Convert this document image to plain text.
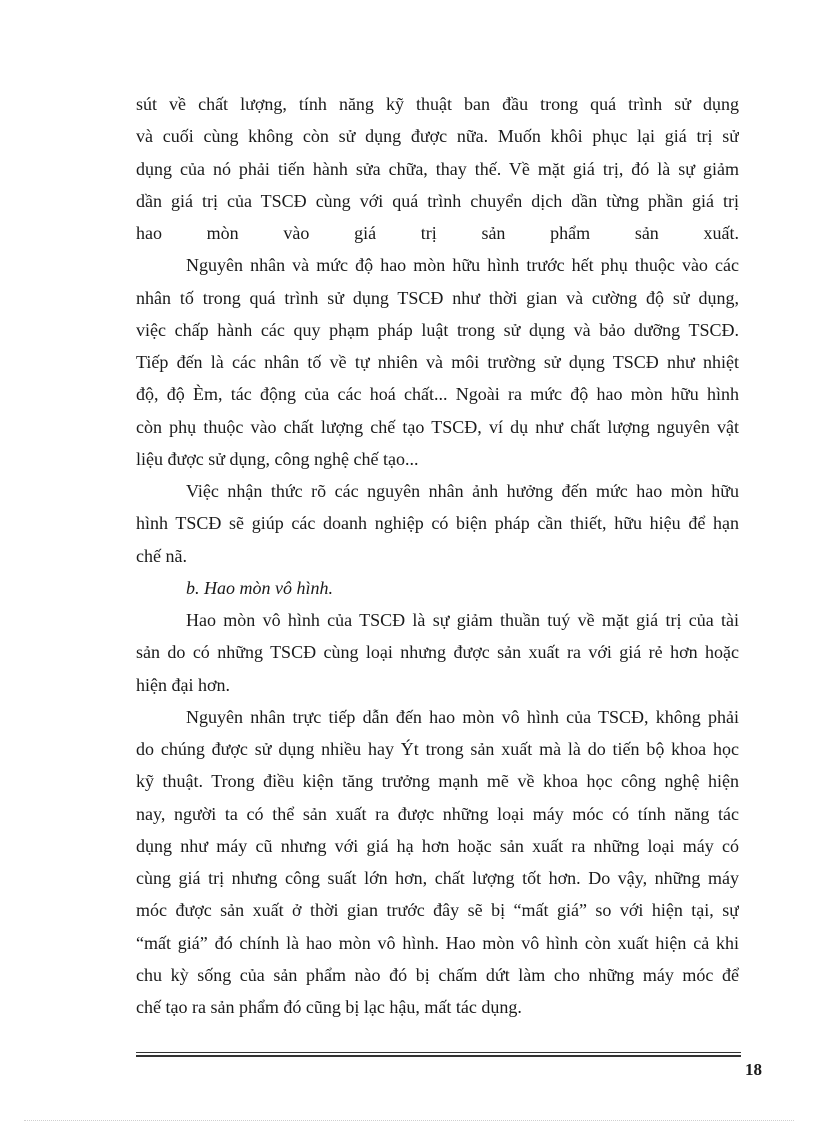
sút về chất lượng, tính năng kỹ thuật ban đầu trong quá trình sử dụng
và cuối cùng không còn sử dụng được nữa. Muốn khôi phục lại giá trị sử
dụng của nó phải tiến hành sửa chữa, thay thế. Về mặt giá trị, đó là sự giảm
dần giá trị của TSCĐ cùng với quá trình chuyển dịch dần từng phần giá trị
hao mòn vào giá trị sản phẩm sản xuất.
Nguyên nhân và mức độ hao mòn hữu hình trước hết phụ thuộc vào các
nhân tố trong quá trình sử dụng TSCĐ như thời gian và cường độ sử dụng,
việc chấp hành các quy phạm pháp luật trong sử dụng và bảo dưỡng TSCĐ.
Tiếp đến là các nhân tố về tự nhiên và môi trường sử dụng TSCĐ như nhiệt
độ, độ Èm, tác động của các hoá chất... Ngoài ra mức độ hao mòn hữu hình
còn phụ thuộc vào chất lượng chế tạo TSCĐ, ví dụ như chất lượng nguyên vật
liệu được sử dụng, công nghệ chế tạo...
Việc nhận thức rõ các nguyên nhân ảnh hưởng đến mức hao mòn hữu
hình TSCĐ sẽ giúp các doanh nghiệp có biện pháp cần thiết, hữu hiệu để hạn
chế nã.
b. Hao mòn vô hình.
Hao mòn vô hình của TSCĐ là sự giảm thuần tuý về mặt giá trị của tài
sản do có những TSCĐ cùng loại nhưng được sản xuất ra với giá rẻ hơn hoặc
hiện đại hơn.
Nguyên nhân trực tiếp dẫn đến hao mòn vô hình của TSCĐ, không phải
do chúng được sử dụng nhiều hay Ýt trong sản xuất mà là do tiến bộ khoa học
kỹ thuật. Trong điều kiện tăng trưởng mạnh mẽ về khoa học công nghệ hiện
nay, người ta có thể sản xuất ra được những loại máy móc có tính năng tác
dụng như máy cũ nhưng với giá hạ hơn hoặc sản xuất ra những loại máy có
cùng giá trị nhưng công suất lớn hơn, chất lượng tốt hơn. Do vậy, những máy
móc được sản xuất ở thời gian trước đây sẽ bị “mất giá” so với hiện tại, sự
“mất giá” đó chính là hao mòn vô hình. Hao mòn vô hình còn xuất hiện cả khi
chu kỳ sống của sản phẩm nào đó bị chấm dứt làm cho những máy móc để
chế tạo ra sản phẩm đó cũng bị lạc hậu, mất tác dụng.
18
